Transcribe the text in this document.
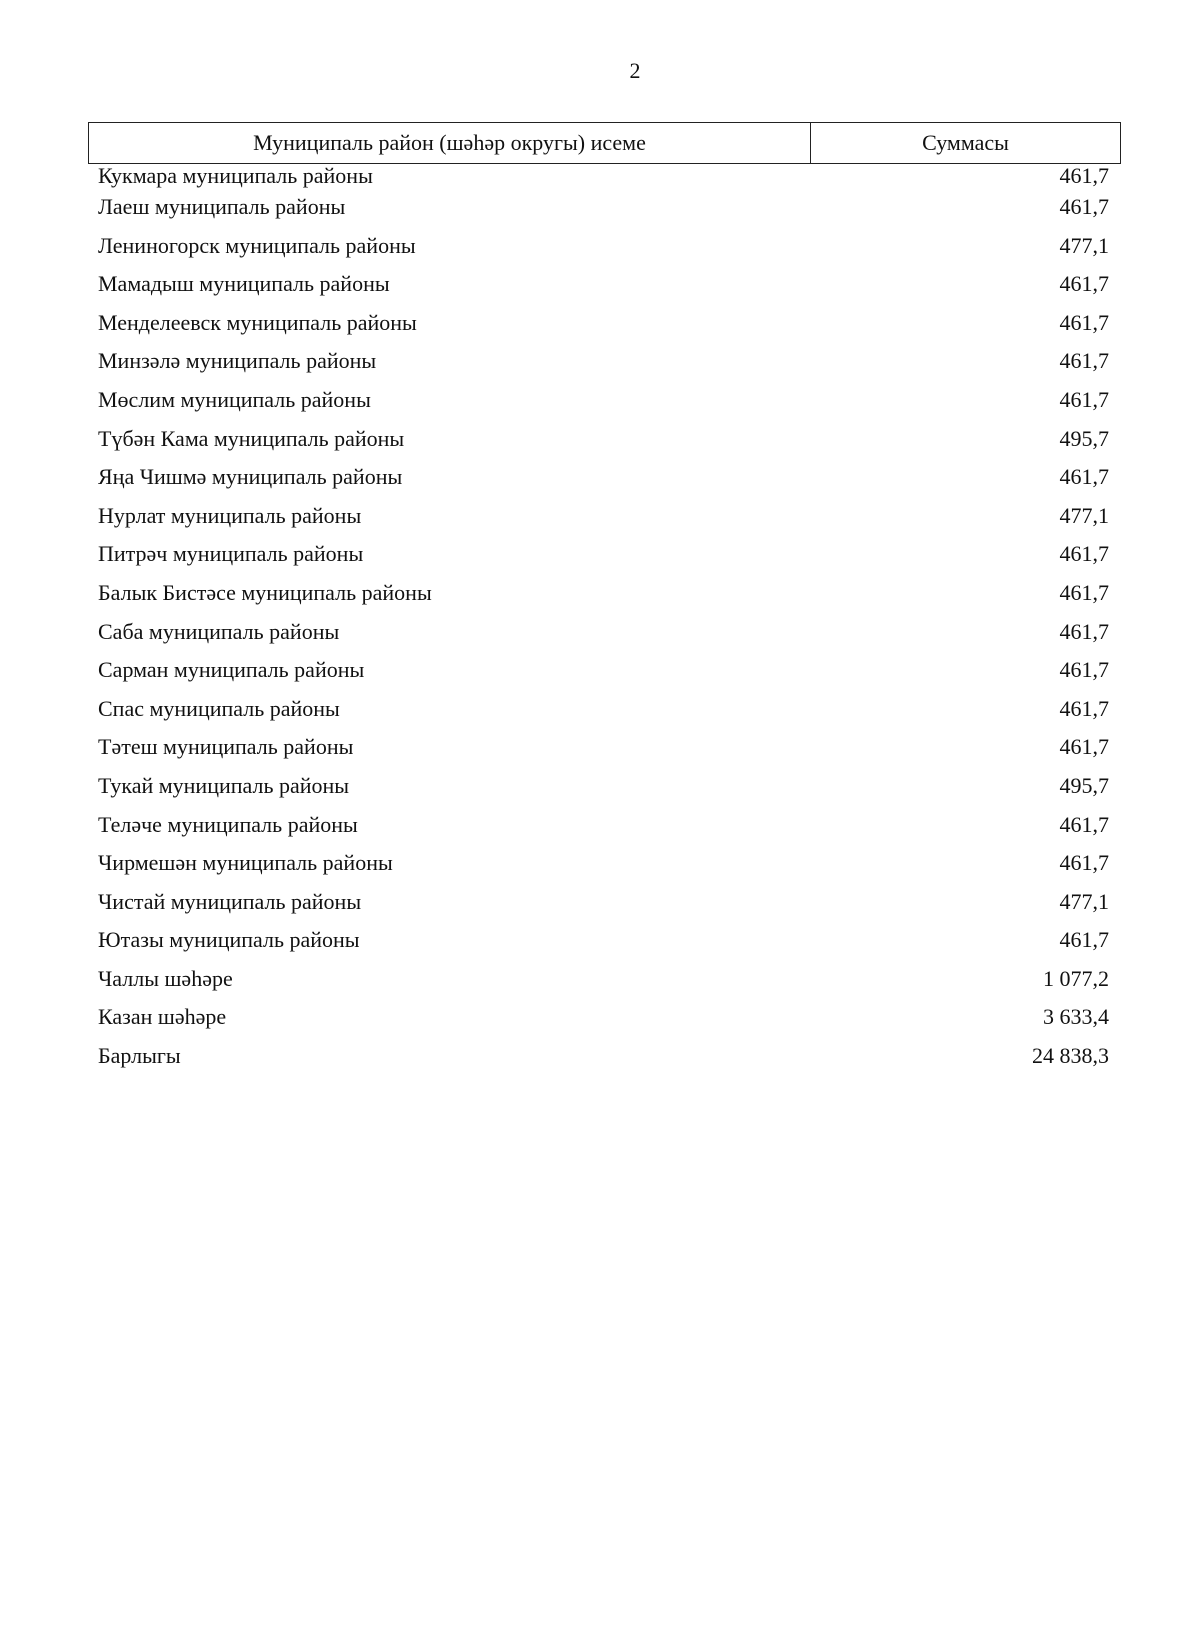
2
Муниципаль район (шәһәр округы) исеме	Суммасы
Кукмара муниципаль районы	461,7
Лаеш муниципаль районы	461,7
Лениногорск муниципаль районы	477,1
Мамадыш муниципаль районы	461,7
Менделеевск муниципаль районы	461,7
Минзәлә муниципаль районы	461,7
Мөслим муниципаль районы	461,7
Түбән Кама муниципаль районы	495,7
Яңа Чишмә муниципаль районы	461,7
Нурлат муниципаль районы	477,1
Питрәч муниципаль районы	461,7
Балык Бистәсе муниципаль районы	461,7
Саба муниципаль районы	461,7
Сарман муниципаль районы	461,7
Спас муниципаль районы	461,7
Тәтеш муниципаль районы	461,7
Тукай муниципаль районы	495,7
Теләче муниципаль районы	461,7
Чирмешән муниципаль районы	461,7
Чистай муниципаль районы	477,1
Ютазы муниципаль районы	461,7
Чаллы шәһәре	1 077,2
Казан шәһәре	3 633,4
Барлыгы	24 838,3
